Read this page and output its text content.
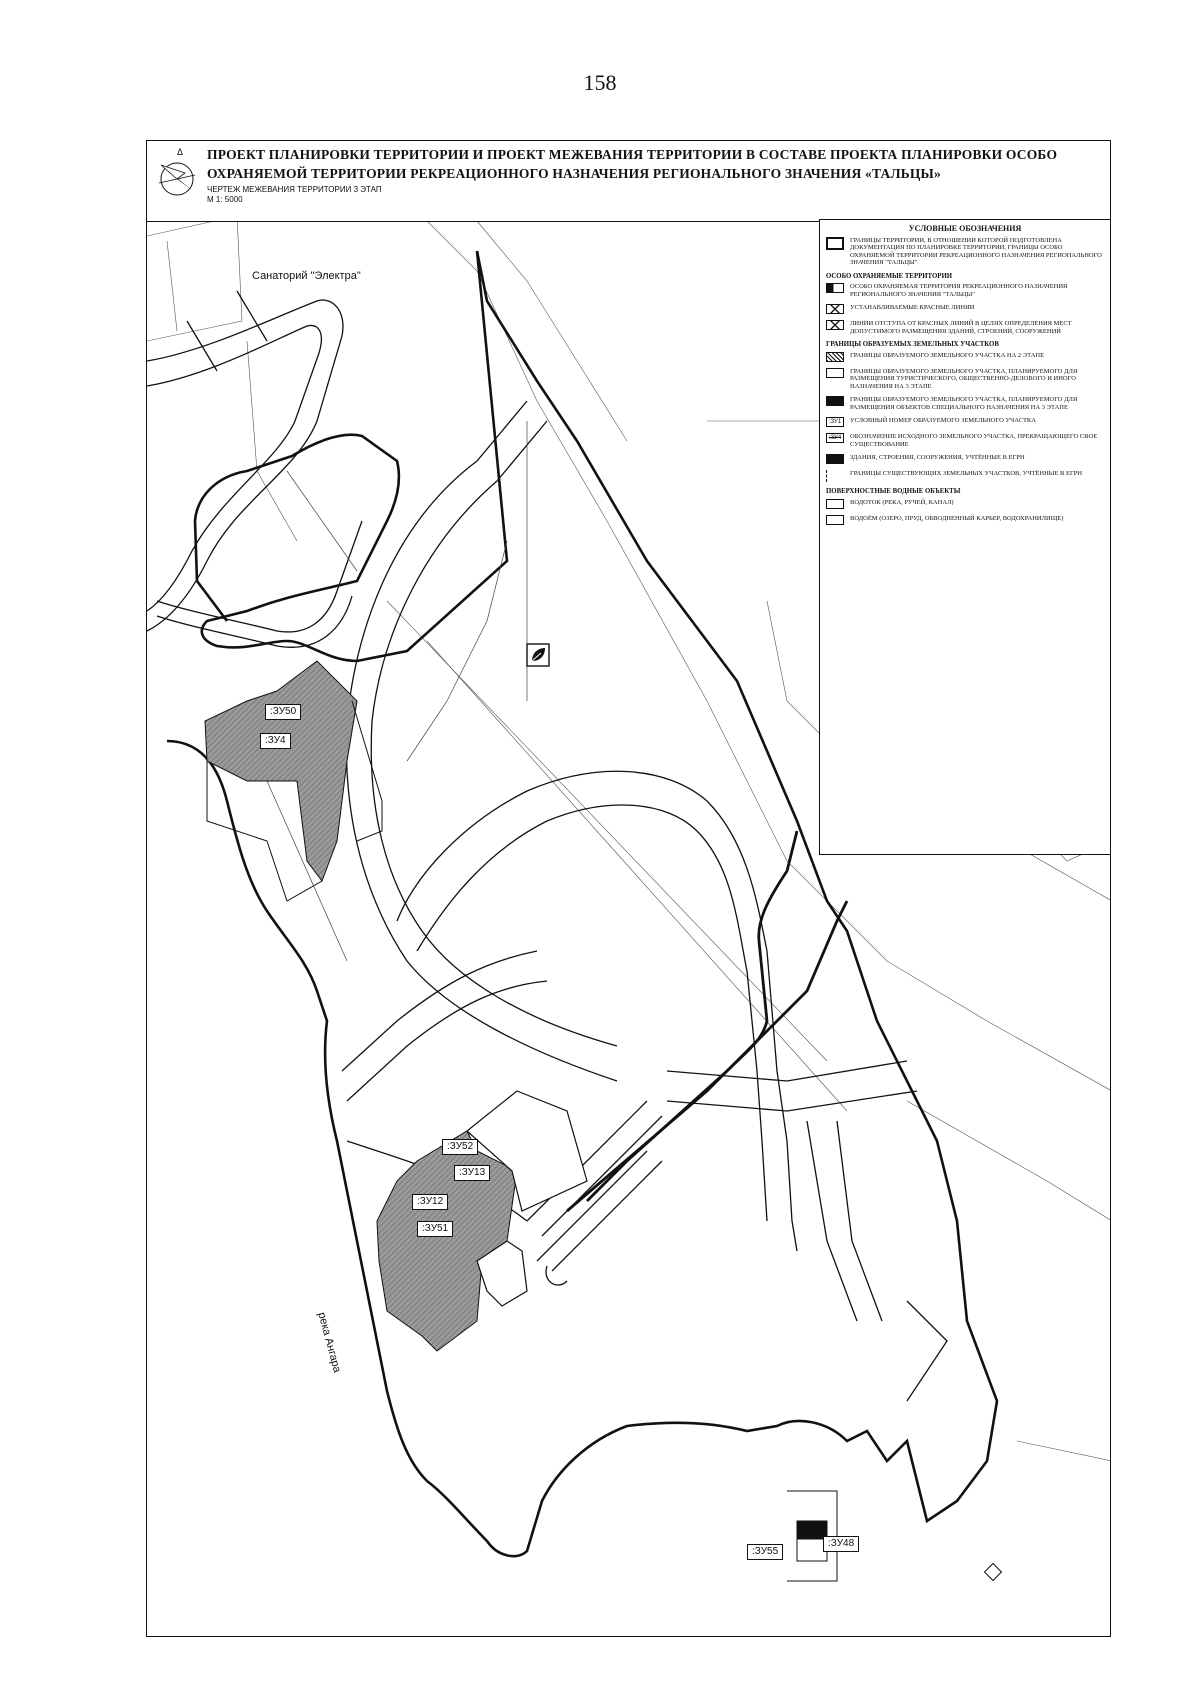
158
Δ ПРОЕКТ ПЛАНИРОВКИ ТЕРРИТОРИИ И ПРОЕКТ МЕЖЕВАНИЯ ТЕРРИТОРИИ В СОСТАВЕ ПРОЕКТА ПЛАНИРОВКИ ОСОБО ОХРАНЯЕМОЙ ТЕРРИТОРИИ РЕКРЕАЦИОННОГО НАЗНАЧЕНИЯ РЕГИОНАЛЬНОГО ЗНАЧЕНИЯ «ТАЛЬЦЫ»
ЧЕРТЕЖ МЕЖЕВАНИЯ ТЕРРИТОРИИ 3 ЭТАП
М 1: 5000
Санаторий "Электра"
река Ангара
:ЗУ50
:ЗУ4
:ЗУ52
:ЗУ13
:ЗУ12
:ЗУ51
:ЗУ55
:ЗУ48
УСЛОВНЫЕ ОБОЗНАЧЕНИЯ
ГРАНИЦЫ ТЕРРИТОРИИ, В ОТНОШЕНИИ КОТОРОЙ ПОДГОТОВЛЕНА ДОКУМЕНТАЦИЯ ПО ПЛАНИРОВКЕ ТЕРРИТОРИИ, ГРАНИЦЫ ОСОБО ОХРАНЯЕМОЙ ТЕРРИТОРИИ РЕКРЕАЦИОННОГО НАЗНАЧЕНИЯ РЕГИОНАЛЬНОГО ЗНАЧЕНИЯ "ТАЛЬЦЫ"
ОСОБО ОХРАНЯЕМЫЕ ТЕРРИТОРИИ
ОСОБО ОХРАНЯЕМАЯ ТЕРРИТОРИЯ РЕКРЕАЦИОННОГО НАЗНАЧЕНИЯ РЕГИОНАЛЬНОГО ЗНАЧЕНИЯ "ТАЛЬЦЫ"
УСТАНАВЛИВАЕМЫЕ КРАСНЫЕ ЛИНИИ
ЛИНИИ ОТСТУПА ОТ КРАСНЫХ ЛИНИЙ В ЦЕЛЯХ ОПРЕДЕЛЕНИЯ МЕСТ ДОПУСТИМОГО РАЗМЕЩЕНИЯ ЗДАНИЙ, СТРОЕНИЙ, СООРУЖЕНИЙ
ГРАНИЦЫ ОБРАЗУЕМЫХ ЗЕМЕЛЬНЫХ УЧАСТКОВ
ГРАНИЦЫ ОБРАЗУЕМОГО ЗЕМЕЛЬНОГО УЧАСТКА НА 2 ЭТАПЕ
ГРАНИЦЫ ОБРАЗУЕМОГО ЗЕМЕЛЬНОГО УЧАСТКА, ПЛАНИРУЕМОГО ДЛЯ РАЗМЕЩЕНИЯ ТУРИСТИЧЕСКОГО, ОБЩЕСТВЕННО-ДЕЛОВОГО И ИНОГО НАЗНАЧЕНИЯ НА 3 ЭТАПЕ
ГРАНИЦЫ ОБРАЗУЕМОГО ЗЕМЕЛЬНОГО УЧАСТКА, ПЛАНИРУЕМОГО ДЛЯ РАЗМЕЩЕНИЯ ОБЪЕКТОВ СПЕЦИАЛЬНОГО НАЗНАЧЕНИЯ НА 3 ЭТАПЕ
:ЗУ1	УСЛОВНЫЙ НОМЕР ОБРАЗУЕМОГО ЗЕМЕЛЬНОГО УЧАСТКА
:ЗУ4	ОБОЗНАЧЕНИЕ ИСХОДНОГО ЗЕМЕЛЬНОГО УЧАСТКА, ПРЕКРАЩАЮЩЕГО СВОЕ СУЩЕСТВОВАНИЕ
ЗДАНИЯ, СТРОЕНИЯ, СООРУЖЕНИЯ, УЧТЁННЫЕ В ЕГРН
ГРАНИЦЫ СУЩЕСТВУЮЩИХ ЗЕМЕЛЬНЫХ УЧАСТКОВ, УЧТЁННЫЕ В ЕГРН
ПОВЕРХНОСТНЫЕ ВОДНЫЕ ОБЪЕКТЫ
ВОДОТОК (РЕКА, РУЧЕЙ, КАНАЛ)
ВОДОЁМ (ОЗЕРО, ПРУД, ОБВОДНЕННЫЙ КАРЬЕР, ВОДОХРАНИЛИЩЕ)
